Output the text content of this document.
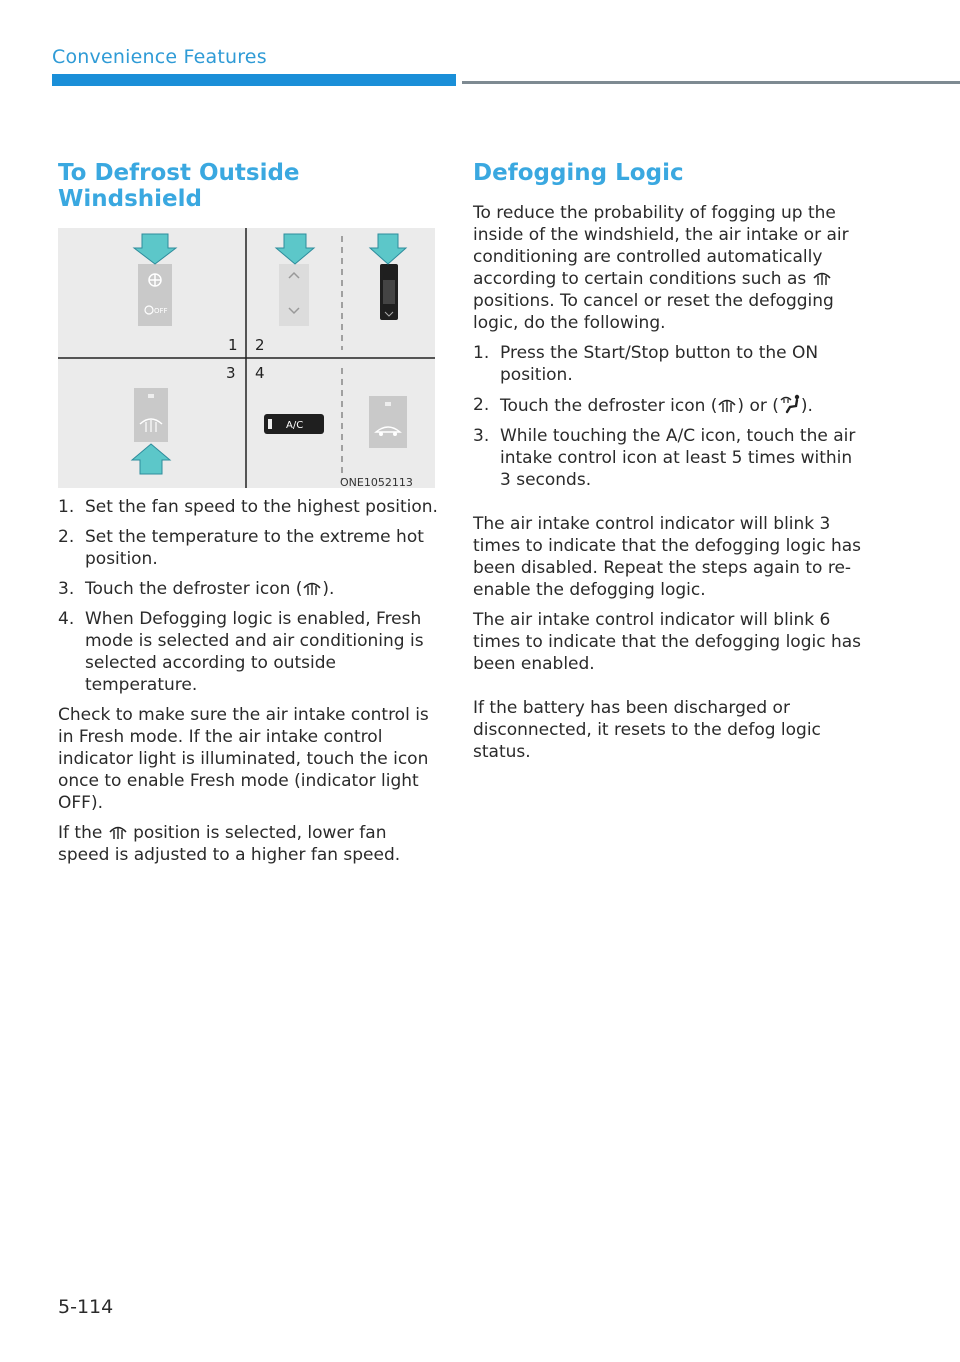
Convenience Features
To Defrost Outside Windshield
OFF
1 2
3 4
A/C
ONE1052113
1. Set the fan speed to the highest position.
2. Set the temperature to the extreme hot position.
3. Touch the defroster icon ( ).
4. When Defogging logic is enabled, Fresh mode is selected and air conditioning is selected according to outside temperature.

Check to make sure the air intake control is in Fresh mode. If the air intake control indicator light is illuminated, touch the icon once to enable Fresh mode (indicator light OFF).

If the position is selected, lower fan speed is adjusted to a higher fan speed.

Defogging Logic

To reduce the probability of fogging up the inside of the windshield, the air intake or air conditioning are controlled automatically according to certain conditions such as  positions. To cancel or reset the defogging logic, do the following.

1. Press the Start/Stop button to the ON position.
2. Touch the defroster icon ( ) or ( ).
3. While touching the A/C icon, touch the air intake control icon at least 5 times within 3 seconds.

The air intake control indicator will blink 3 times to indicate that the defogging logic has been disabled. Repeat the steps again to re-enable the defogging logic.

The air intake control indicator will blink 6 times to indicate that the defogging logic has been enabled.

If the battery has been discharged or disconnected, it resets to the defog logic status.

5-114
